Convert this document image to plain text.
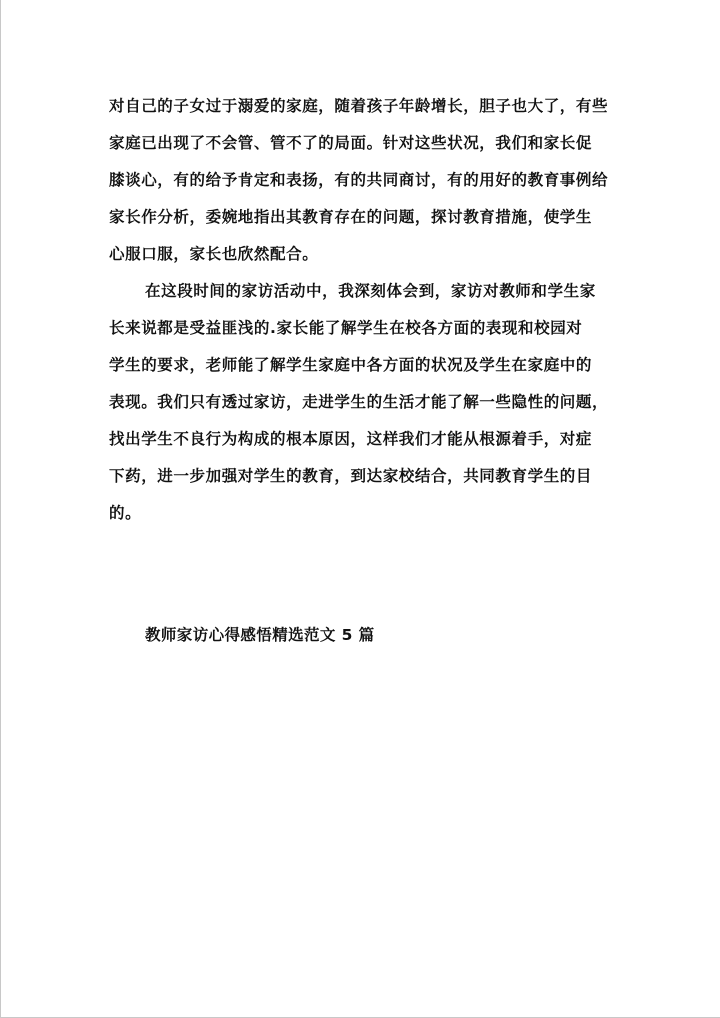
对自己的子女过于溺爱的家庭，随着孩子年龄增长，胆子也大了，有些
家庭已出现了不会管、管不了的局面。针对这些状况，我们和家长促
膝谈心，有的给予肯定和表扬，有的共同商讨，有的用好的教育事例给
家长作分析，委婉地指出其教育存在的问题，探讨教育措施，使学生
心服口服，家长也欣然配合。
在这段时间的家访活动中，我深刻体会到，家访对教师和学生家
长来说都是受益匪浅的.家长能了解学生在校各方面的表现和校园对
学生的要求，老师能了解学生家庭中各方面的状况及学生在家庭中的
表现。我们只有透过家访，走进学生的生活才能了解一些隐性的问题，
找出学生不良行为构成的根本原因，这样我们才能从根源着手，对症
下药，进一步加强对学生的教育，到达家校结合，共同教育学生的目
的。
教师家访心得感悟精选范文 5 篇
